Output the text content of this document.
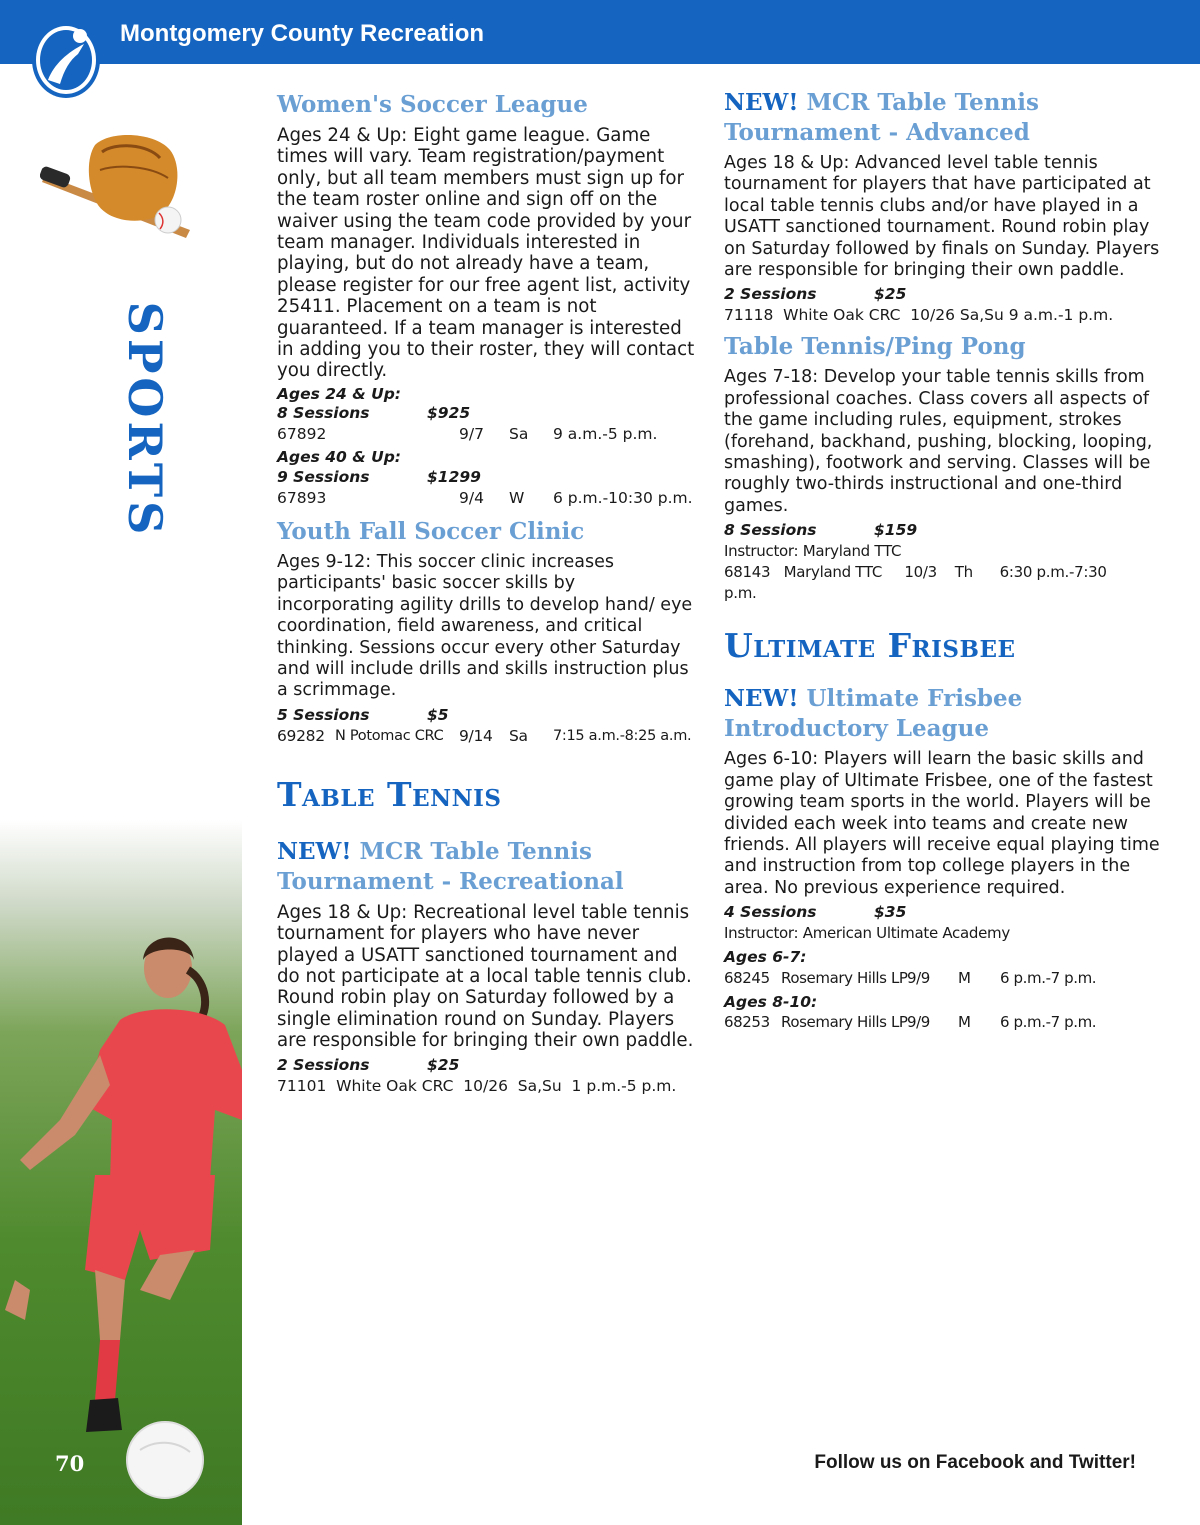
Montgomery County Recreation
SPORTS
70
Women's Soccer League
Ages 24 & Up: Eight game league. Game times will vary. Team registration/payment only, but all team members must sign up for the team roster online and sign off on the waiver using the team code provided by your team manager. Individuals interested in playing, but do not already have a team, please register for our free agent list, activity 25411. Placement on a team is not guaranteed. If a team manager is interested in adding you to their roster, they will contact you directly.
Ages 24 & Up:
8 Sessions	$925
67892	9/7 Sa 9 a.m.-5 p.m.
Ages 40 & Up:
9 Sessions	$1299
67893	9/4 W 6 p.m.-10:30 p.m.
Youth Fall Soccer Clinic
Ages 9-12: This soccer clinic increases participants' basic soccer skills by incorporating agility drills to develop hand/ eye coordination, field awareness, and critical thinking. Sessions occur every other Saturday and will include drills and skills instruction plus a scrimmage.
5 Sessions	$5
69282 N Potomac CRC 9/14 Sa 7:15 a.m.-8:25 a.m.
Table Tennis
NEW! MCR Table Tennis Tournament - Recreational
Ages 18 & Up: Recreational level table tennis tournament for players who have never played a USATT sanctioned tournament and do not participate at a local table tennis club. Round robin play on Saturday followed by a single elimination round on Sunday. Players are responsible for bringing their own paddle.
2 Sessions	$25
71101  White Oak CRC  10/26  Sa,Su  1 p.m.-5 p.m.
NEW! MCR Table Tennis Tournament - Advanced
Ages 18 & Up: Advanced level table tennis tournament for players that have participated at local table tennis clubs and/or have played in a USATT sanctioned tournament. Round robin play on Saturday followed by finals on Sunday. Players are responsible for bringing their own paddle.
2 Sessions	$25
71118  White Oak CRC  10/26 Sa,Su 9 a.m.-1 p.m.
Table Tennis/Ping Pong
Ages 7-18: Develop your table tennis skills from professional coaches. Class covers all aspects of the game including rules, equipment, strokes (forehand, backhand, pushing, blocking, looping, smashing), footwork and serving. Classes will be roughly two-thirds instructional and one-third games.
8 Sessions	$159
Instructor: Maryland TTC
68143   Maryland TTC     10/3    Th      6:30 p.m.-7:30 p.m.
Ultimate Frisbee
NEW! Ultimate Frisbee Introductory League
Ages 6-10: Players will learn the basic skills and game play of Ultimate Frisbee, one of the fastest growing team sports in the world. Players will be divided each week into teams and create new friends. All players will receive equal playing time and instruction from top college players in the area. No previous experience required.
4 Sessions	$35
Instructor: American Ultimate Academy
Ages 6-7:
68245 Rosemary Hills LP 9/9 M 6 p.m.-7 p.m.
Ages 8-10:
68253 Rosemary Hills LP 9/9 M 6 p.m.-7 p.m.
Follow us on Facebook and Twitter!
